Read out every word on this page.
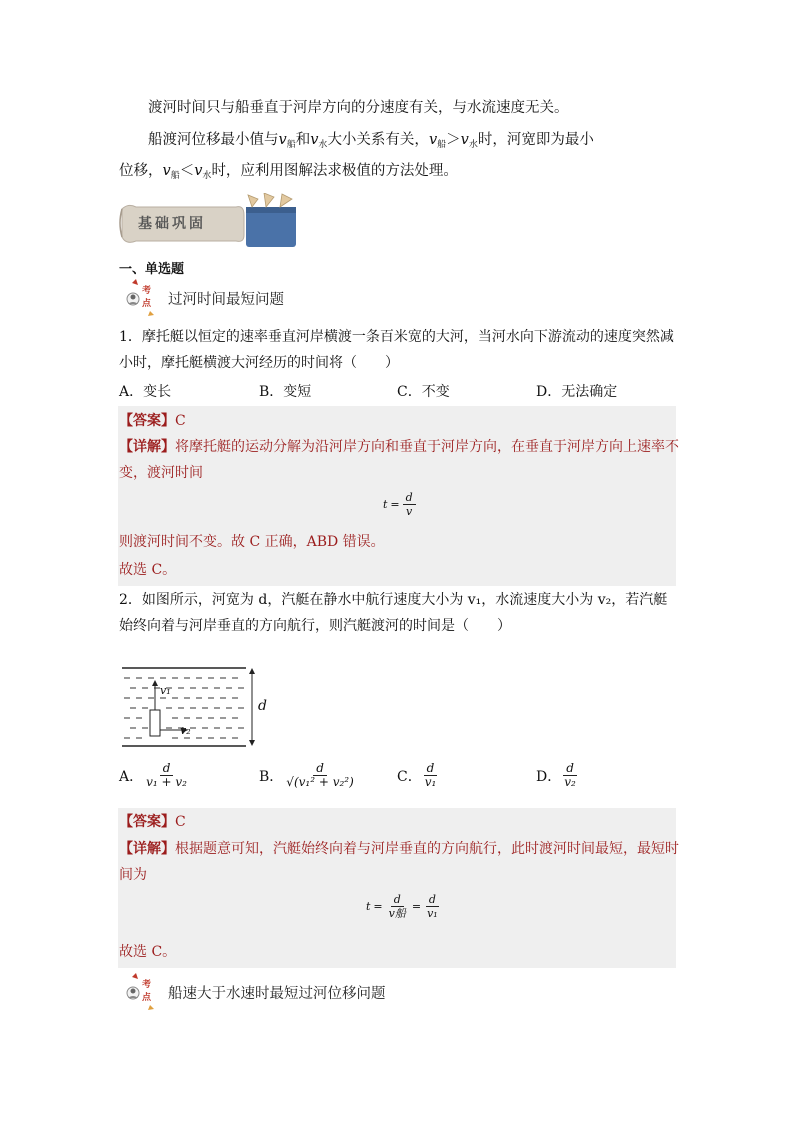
渡河时间只与船垂直于河岸方向的分速度有关，与水流速度无关。
船渡河位移最小值与$v_船$和$v_水$大小关系有关，$v_船>v_水$时，河宽即为最小
位移，$v_船<v_水$时，应利用图解法求极值的方法处理。
基础巩固
一、单选题
考
点 过河时间最短问题
1．摩托艇以恒定的速率垂直河岸横渡一条百米宽的大河，当河水向下游流动的速度突然减小时，摩托艇横渡大河经历的时间将（　　）
A．变长	B．变短	C．不变	D．无法确定
【答案】C
【详解】将摩托艇的运动分解为沿河岸方向和垂直于河岸方向，在垂直于河岸方向上速率不变，渡河时间
$t = \frac{d}{v}$
则渡河时间不变。故 C 正确，ABD 错误。
故选 C。
2．如图所示，河宽为 d，汽艇在静水中航行速度大小为 v₁，水流速度大小为 v₂，若汽艇始终向着与河岸垂直的方向航行，则汽艇渡河的时间是（　　）
v₁
v₂
d
A． $\frac{d}{\text{v₁ + v₂}}$	B． $\frac{d}{\text{√(v₁² + v₂²)}}$	C． $\frac{d}{\text{v₁}}$	D． $\frac{d}{\text{v₂}}$
【答案】C
【详解】根据题意可知，汽艇始终向着与河岸垂直的方向航行，此时渡河时间最短，最短时间为
$t = \frac{d}{\text{v船}} = \frac{d}{\text{v₁}}$
故选 C。
考
点 船速大于水速时最短过河位移问题
